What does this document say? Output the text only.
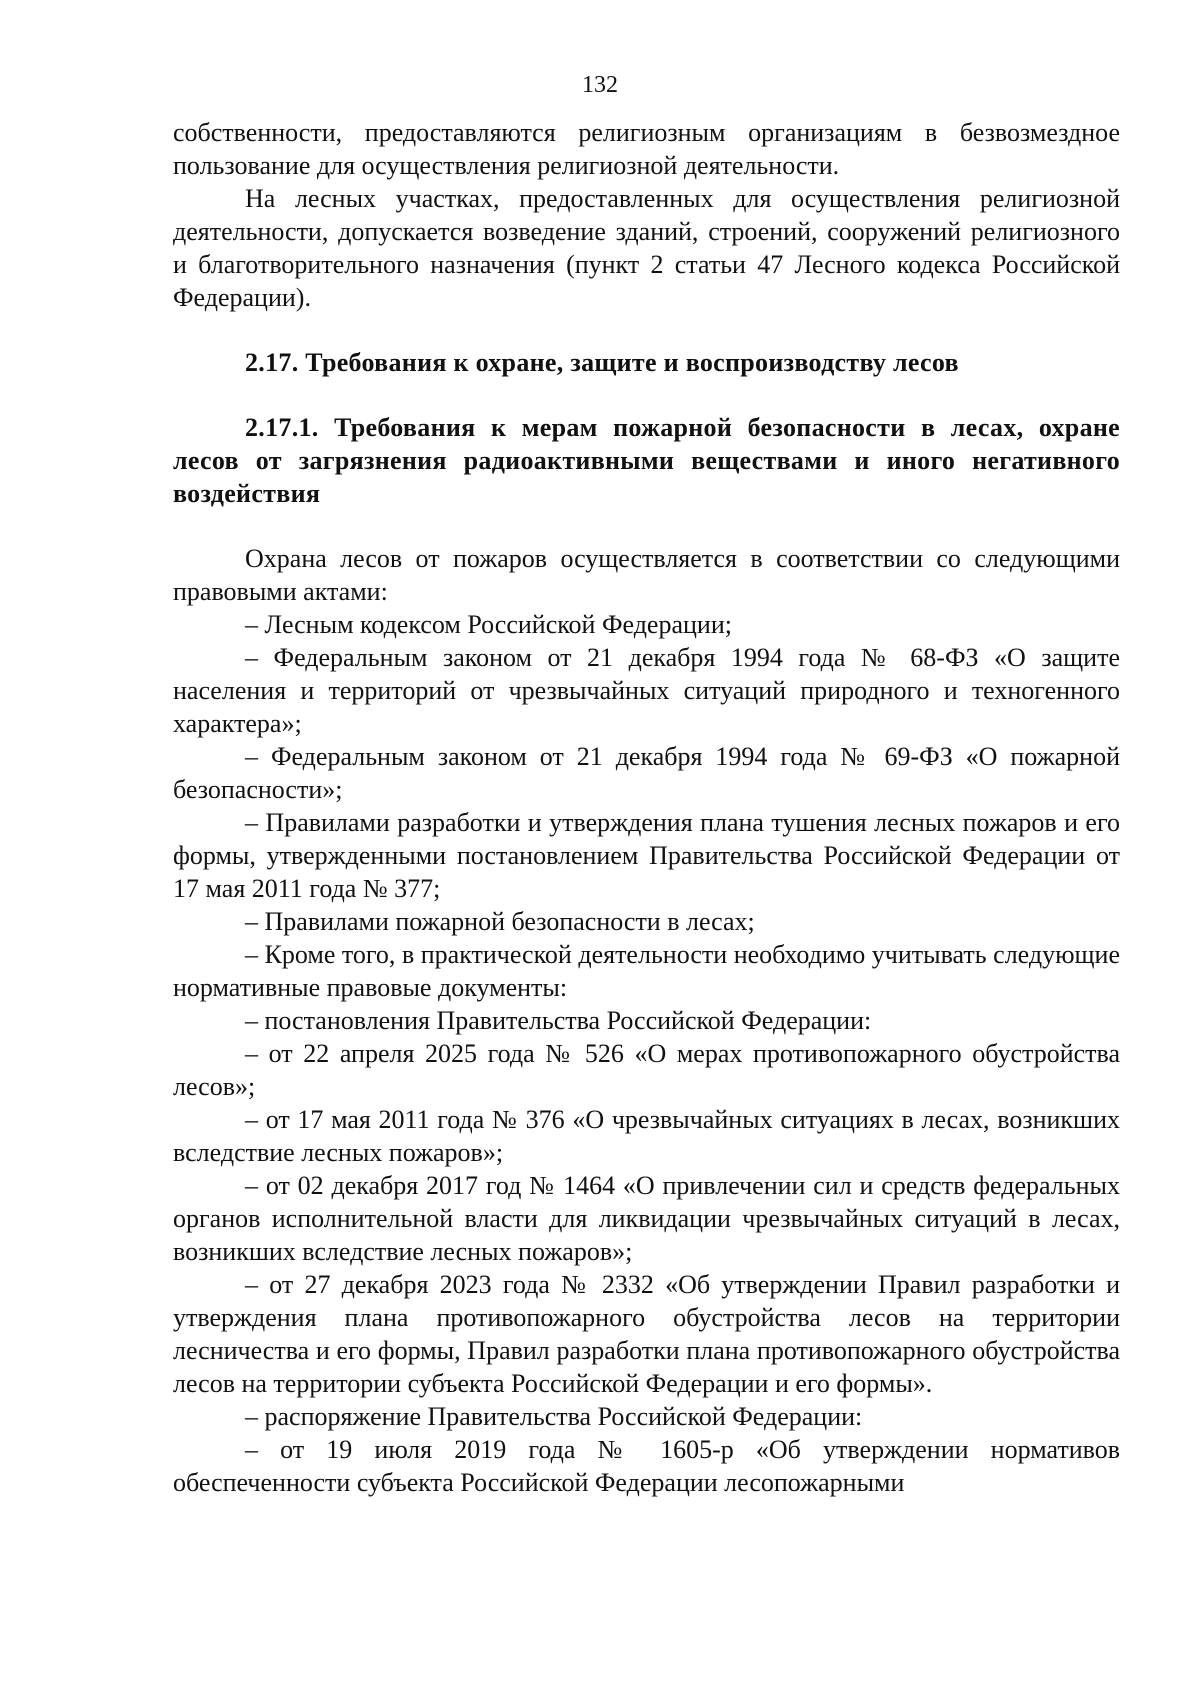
132

собственности, предоставляются религиозным организациям в безвозмездное пользование для осуществления религиозной деятельности.

На лесных участках, предоставленных для осуществления религиозной деятельности, допускается возведение зданий, строений, сооружений религиозного и благотворительного назначения (пункт 2 статьи 47 Лесного кодекса Российской Федерации).

2.17. Требования к охране, защите и воспроизводству лесов

2.17.1. Требования к мерам пожарной безопасности в лесах, охране лесов от загрязнения радиоактивными веществами и иного негативного воздействия

Охрана лесов от пожаров осуществляется в соответствии со следующими правовыми актами:

– Лесным кодексом Российской Федерации;

– Федеральным законом от 21 декабря 1994 года № 68-ФЗ «О защите населения и территорий от чрезвычайных ситуаций природного и техногенного характера»;

– Федеральным законом от 21 декабря 1994 года № 69-ФЗ «О пожарной безопасности»;

– Правилами разработки и утверждения плана тушения лесных пожаров и его формы, утвержденными постановлением Правительства Российской Федерации от 17 мая 2011 года № 377;

– Правилами пожарной безопасности в лесах;

– Кроме того, в практической деятельности необходимо учитывать следующие нормативные правовые документы:

– постановления Правительства Российской Федерации:

– от 22 апреля 2025 года № 526 «О мерах противопожарного обустройства лесов»;

– от 17 мая 2011 года № 376 «О чрезвычайных ситуациях в лесах, возникших вследствие лесных пожаров»;

– от 02 декабря 2017 год № 1464 «О привлечении сил и средств федеральных органов исполнительной власти для ликвидации чрезвычайных ситуаций в лесах, возникших вследствие лесных пожаров»;

– от 27 декабря 2023 года № 2332 «Об утверждении Правил разработки и утверждения плана противопожарного обустройства лесов на территории лесничества и его формы, Правил разработки плана противопожарного обустройства лесов на территории субъекта Российской Федерации и его формы».

– распоряжение Правительства Российской Федерации:

– от 19 июля 2019 года № 1605-р «Об утверждении нормативов обеспеченности субъекта Российской Федерации лесопожарными
